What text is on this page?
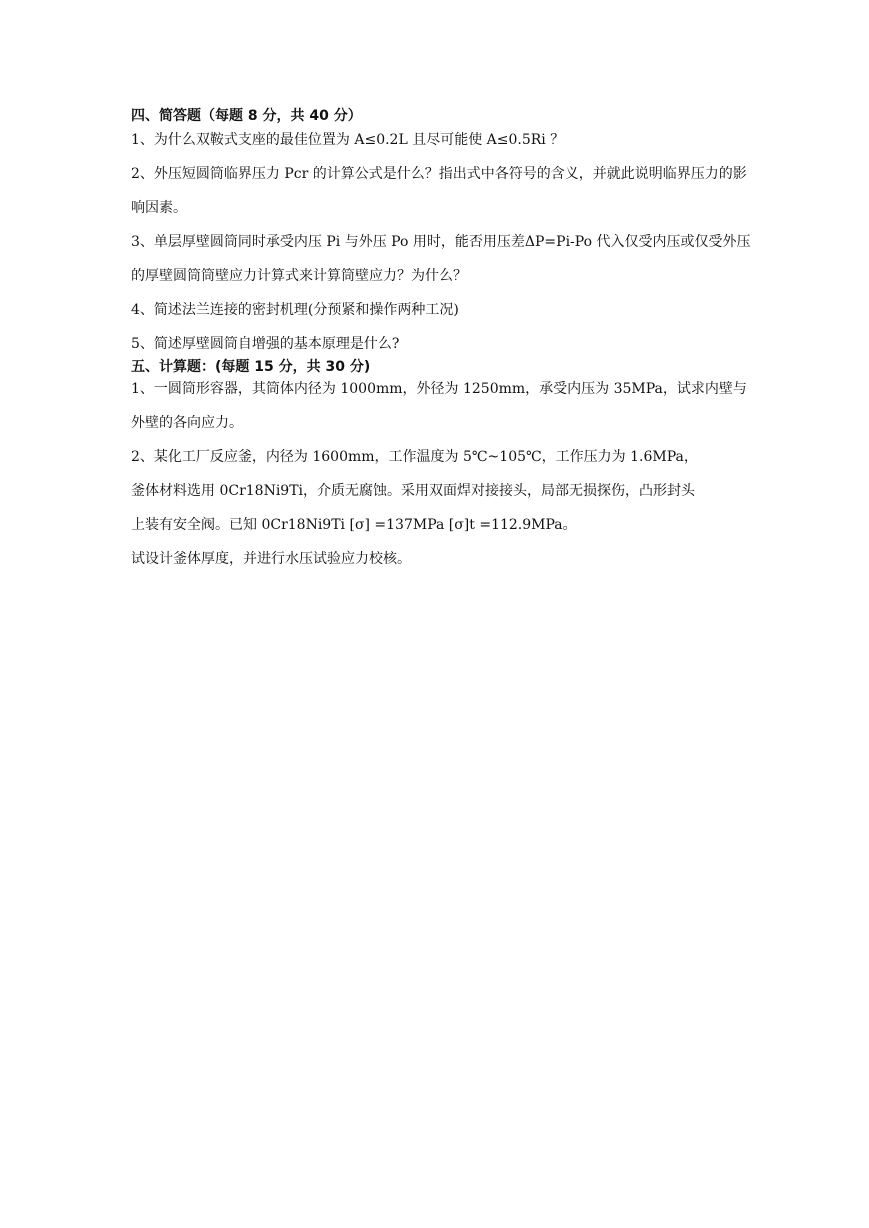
四、简答题（每题 8 分，共 40 分）
1、为什么双鞍式支座的最佳位置为 A≤0.2L 且尽可能使 A≤0.5Ri ？
2、外压短圆筒临界压力 Pcr 的计算公式是什么？指出式中各符号的含义，并就此说明临界压力的影响因素。
3、单层厚壁圆筒同时承受内压 Pi 与外压 Po 用时，能否用压差ΔP=Pi-Po 代入仅受内压或仅受外压的厚壁圆筒筒壁应力计算式来计算筒壁应力？为什么？
4、简述法兰连接的密封机理(分预紧和操作两种工况)
5、简述厚壁圆筒自增强的基本原理是什么?
五、计算题：(每题 15 分，共 30 分)
1、一圆筒形容器，其筒体内径为 1000mm，外径为 1250mm，承受内压为 35MPa，试求内壁与外壁的各向应力。
2、某化工厂反应釜，内径为 1600mm，工作温度为 5℃~105℃，工作压力为 1.6MPa，
釜体材料选用 0Cr18Ni9Ti，介质无腐蚀。采用双面焊对接接头，局部无损探伤，凸形封头
上装有安全阀。已知 0Cr18Ni9Ti [σ] =137MPa [σ]t =112.9MPa。
试设计釜体厚度，并进行水压试验应力校核。
